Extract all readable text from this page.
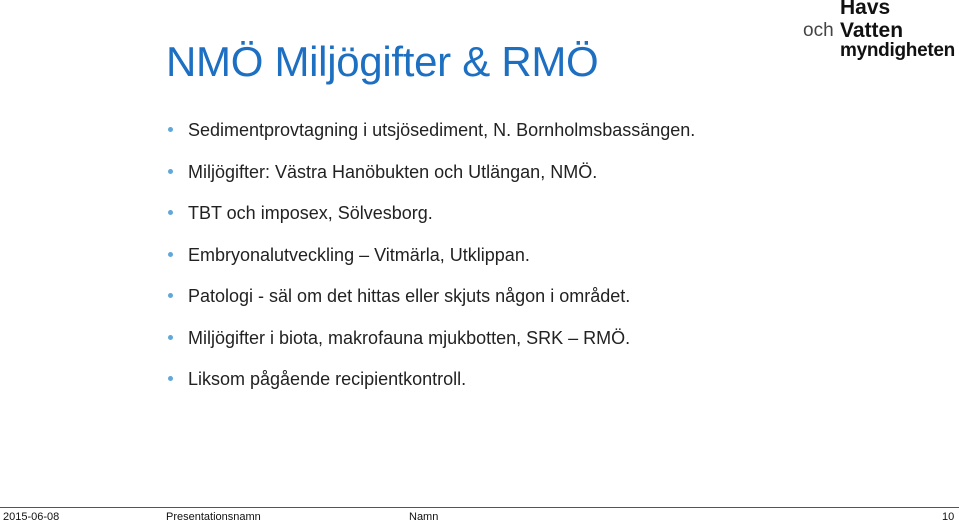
NMÖ Miljögifter & RMÖ
Havs
och Vatten
myndigheten
Sedimentprovtagning i utsjösediment, N. Bornholmsbassängen.
Miljögifter: Västra Hanöbukten och Utlängan, NMÖ.
TBT och imposex, Sölvesborg.
Embryonalutveckling – Vitmärla, Utklippan.
Patologi - säl om det hittas eller skjuts någon i området.
Miljögifter i biota, makrofauna mjukbotten, SRK – RMÖ.
Liksom pågående recipientkontroll.
2015-06-08	Presentationsnamn	Namn	10
